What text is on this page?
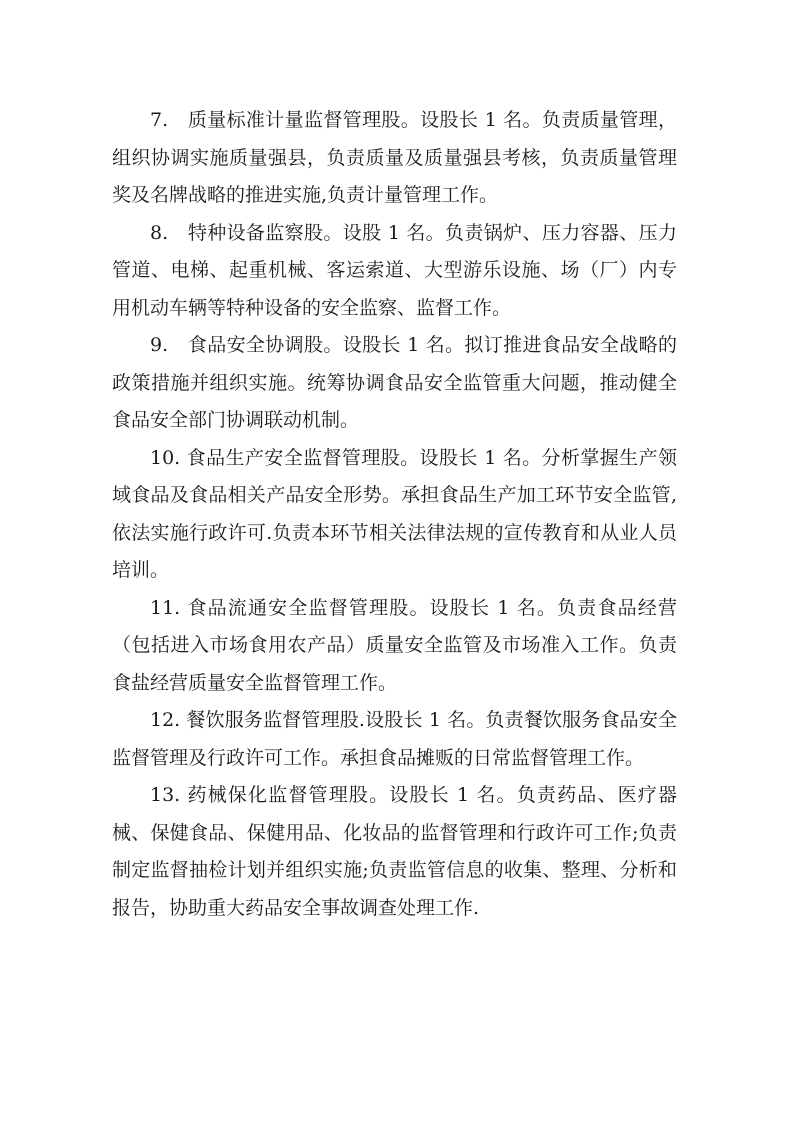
7.　质量标准计量监督管理股。设股长 1 名。负责质量管理，组织协调实施质量强县，负责质量及质量强县考核，负责质量管理奖及名牌战略的推进实施,负责计量管理工作。

8.　特种设备监察股。设股 1 名。负责锅炉、压力容器、压力管道、电梯、起重机械、客运索道、大型游乐设施、场（厂）内专用机动车辆等特种设备的安全监察、监督工作。

9.　食品安全协调股。设股长 1 名。拟订推进食品安全战略的政策措施并组织实施。统筹协调食品安全监管重大问题，推动健全食品安全部门协调联动机制。

10. 食品生产安全监督管理股。设股长 1 名。分析掌握生产领域食品及食品相关产品安全形势。承担食品生产加工环节安全监管,依法实施行政许可.负责本环节相关法律法规的宣传教育和从业人员培训。

11. 食品流通安全监督管理股。设股长 1 名。负责食品经营（包括进入市场食用农产品）质量安全监管及市场准入工作。负责食盐经营质量安全监督管理工作。

12. 餐饮服务监督管理股.设股长 1 名。负责餐饮服务食品安全监督管理及行政许可工作。承担食品摊贩的日常监督管理工作。

13. 药械保化监督管理股。设股长 1 名。负责药品、医疗器械、保健食品、保健用品、化妆品的监督管理和行政许可工作;负责制定监督抽检计划并组织实施;负责监管信息的收集、整理、分析和报告，协助重大药品安全事故调查处理工作.
